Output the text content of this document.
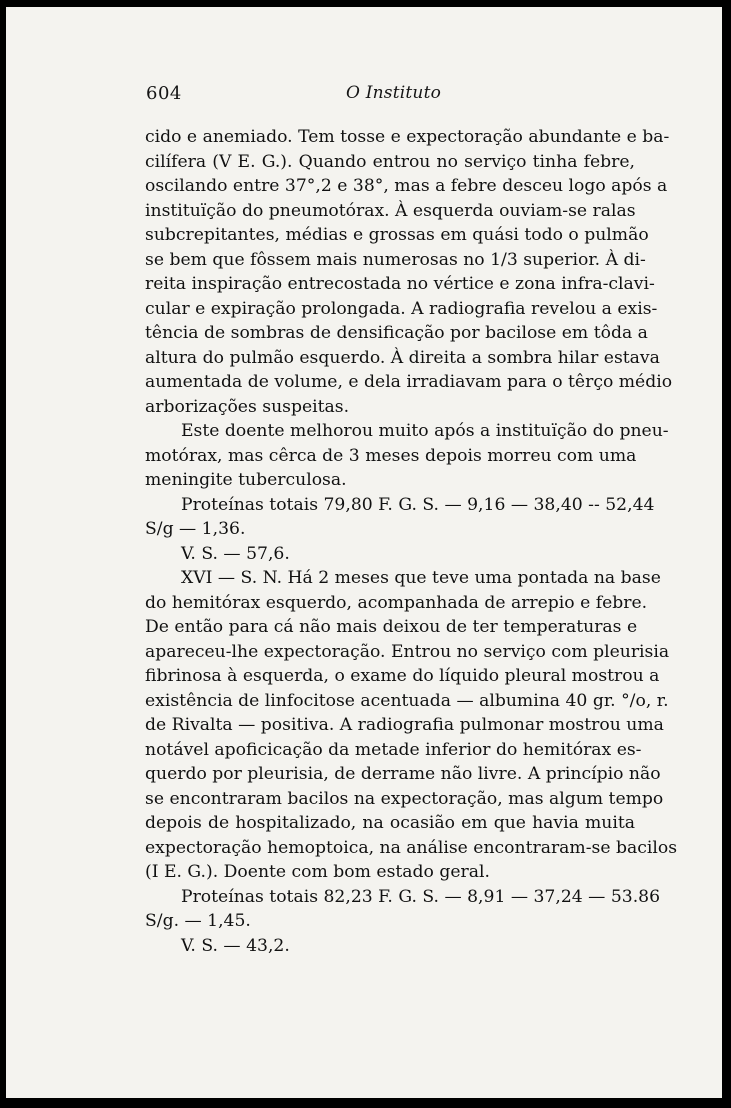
604	O Instituto
cido e anemiado. Tem tosse e expectoração abundante e ba-
cilífera (V E. G.). Quando entrou no serviço tinha febre,
oscilando entre 37°,2 e 38°, mas a febre desceu logo após a
instituïção do pneumotórax. À esquerda ouviam-se ralas
subcrepitantes, médias e grossas em quási todo o pulmão
se bem que fôssem mais numerosas no 1/3 superior. À di-
reita inspiração entrecostada no vértice e zona infra-clavi-
cular e expiração prolongada. A radiografia revelou a exis-
tência de sombras de densificação por bacilose em tôda a
altura do pulmão esquerdo. À direita a sombra hilar estava
aumentada de volume, e dela irradiavam para o têrço médio
arborizações suspeitas.
Este doente melhorou muito após a instituïção do pneu-
motórax, mas cêrca de 3 meses depois morreu com uma
meningite tuberculosa.
Proteínas totais 79,80 F. G. S. — 9,16 — 38,40 -- 52,44
S/g — 1,36.
V. S. — 57,6.
XVI — S. N. Há 2 meses que teve uma pontada na base
do hemitórax esquerdo, acompanhada de arrepio e febre.
De então para cá não mais deixou de ter temperaturas e
apareceu-lhe expectoração. Entrou no serviço com pleurisia
fibrinosa à esquerda, o exame do líquido pleural mostrou a
existência de linfocitose acentuada — albumina 40 gr. °/o, r.
de Rivalta — positiva. A radiografia pulmonar mostrou uma
notável apoficicação da metade inferior do hemitórax es-
querdo por pleurisia, de derrame não livre. A princípio não
se encontraram bacilos na expectoração, mas algum tempo
depois de hospitalizado, na ocasião em que havia muita
expectoração hemoptoica, na análise encontraram-se bacilos
(I E. G.). Doente com bom estado geral.
Proteínas totais 82,23 F. G. S. — 8,91 — 37,24 — 53.86
S/g. — 1,45.
V. S. — 43,2.
